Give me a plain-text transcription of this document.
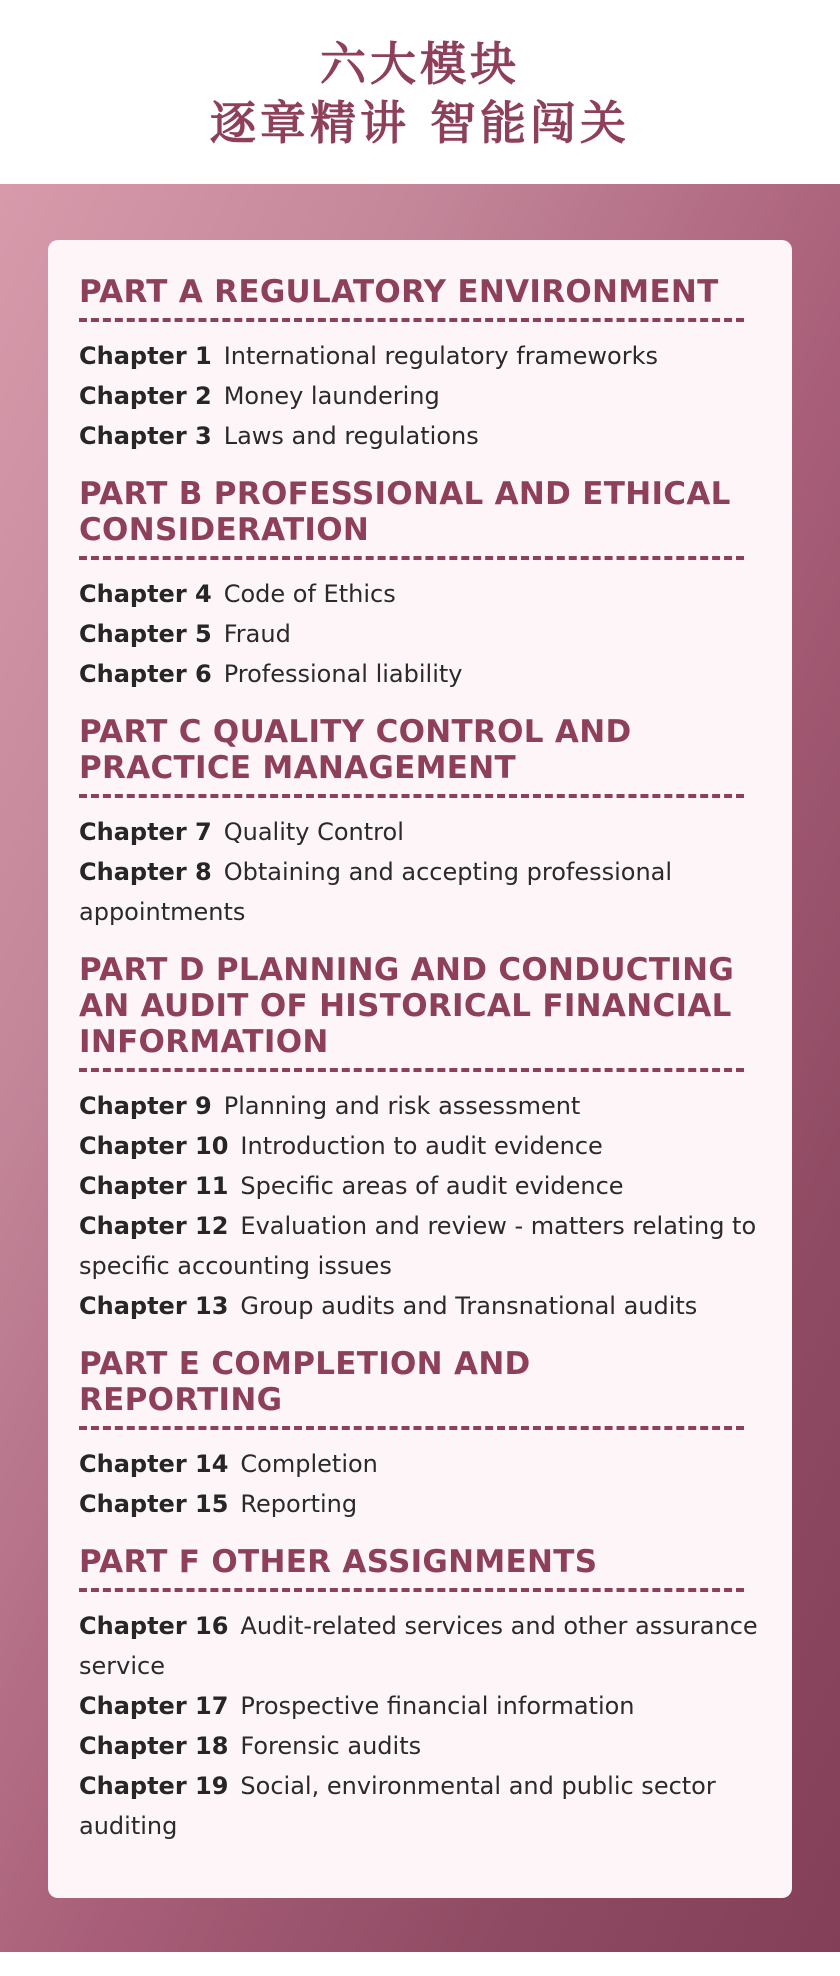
六大模块
逐章精讲 智能闯关
PART A REGULATORY ENVIRONMENT
Chapter 1 International regulatory frameworks
Chapter 2 Money laundering
Chapter 3 Laws and regulations
PART B PROFESSIONAL AND ETHICAL CONSIDERATION
Chapter 4 Code of Ethics
Chapter 5 Fraud
Chapter 6 Professional liability
PART C QUALITY CONTROL AND PRACTICE MANAGEMENT
Chapter 7 Quality Control
Chapter 8 Obtaining and accepting professional appointments
PART D PLANNING AND CONDUCTING AN AUDIT OF HISTORICAL FINANCIAL INFORMATION
Chapter 9 Planning and risk assessment
Chapter 10 Introduction to audit evidence
Chapter 11 Specific areas of audit evidence
Chapter 12 Evaluation and review - matters relating to specific accounting issues
Chapter 13 Group audits and Transnational audits
PART E COMPLETION AND REPORTING
Chapter 14 Completion
Chapter 15 Reporting
PART F OTHER ASSIGNMENTS
Chapter 16 Audit-related services and other assurance service
Chapter 17 Prospective financial information
Chapter 18 Forensic audits
Chapter 19 Social, environmental and public sector auditing
